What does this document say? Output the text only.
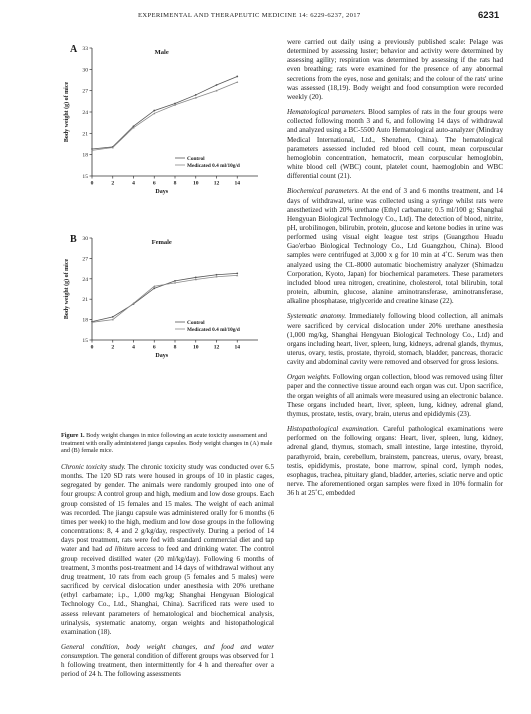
EXPERIMENTAL AND THERAPEUTIC MEDICINE 14: 6229-6237, 2017	6231
A	Male
15
18
21
24
27
30
33
0	2	4	6	8	10	12	14
Days
Body weight (g) of mice
Control
Medicated 0.4 ml/10g/d
B	Female
15
18
21
24
27
30
0	2	4	6	8	10	12	14
Days
Body weight (g) of mice
Control
Medicated 0.4 ml/10g/d
Figure 1. Body weight changes in mice following an acute toxicity assessment and treatment with orally administered jiangu capsules. Body weight changes in (A) male and (B) female mice.

Chronic toxicity study. The chronic toxicity study was conducted over 6.5 months. The 120 SD rats were housed in groups of 10 in plastic cages, segregated by gender. The animals were randomly grouped into one of four groups: A control group and high, medium and low dose groups. Each group consisted of 15 females and 15 males. The weight of each animal was recorded. The jiangu capsule was administered orally for 6 months (6 times per week) to the high, medium and low dose groups in the following concentrations: 8, 4 and 2 g/kg/day, respectively. During a period of 14 days post treatment, rats were fed with standard commercial diet and tap water and had ad libitum access to feed and drinking water. The control group received distilled water (20 ml/kg/day). Following 6 months of treatment, 3 months post-treatment and 14 days of withdrawal without any drug treatment, 10 rats from each group (5 females and 5 males) were sacrificed by cervical dislocation under anesthesia with 20% urethane (ethyl carbamate; i.p., 1,000 mg/kg; Shanghai Hengyuan Biological Technology Co., Ltd., Shanghai, China). Sacrificed rats were used to assess relevant parameters of hematological and biochemical analysis, urinalysis, systematic anatomy, organ weights and histopathological examination (18).

General condition, body weight changes, and food and water consumption. The general condition of different groups was observed for 1 h following treatment, then intermittently for 4 h and thereafter over a period of 24 h. The following assessments

were carried out daily using a previously published scale: Pelage was determined by assessing luster; behavior and activity were determined by assessing agility; respiration was determined by assessing if the rats had even breathing; rats were examined for the presence of any abnormal secretions from the eyes, nose and genitals; and the colour of the rats' urine was assessed (18,19). Body weight and food consumption were recorded weekly (20).

Hematological parameters. Blood samples of rats in the four groups were collected following month 3 and 6, and following 14 days of withdrawal and analyzed using a BC-5500 Auto Hematological auto-analyzer (Mindray Medical International, Ltd., Shenzhen, China). The hematological parameters assessed included red blood cell count, mean corpuscular hemoglobin concentration, hematocrit, mean corpuscular hemoglobin, white blood cell (WBC) count, platelet count, haemoglobin and WBC differential count (21).

Biochemical parameters. At the end of 3 and 6 months treatment, and 14 days of withdrawal, urine was collected using a syringe whilst rats were anesthetized with 20% urethane (Ethyl carbamate; 0.5 ml/100 g; Shanghai Hengyuan Biological Technology Co., Ltd). The detection of blood, nitrite, pH, urobilinogen, bilirubin, protein, glucose and ketone bodies in urine was performed using visual eight league test strips (Guangzhou Huadu Gao'erbao Biological Technology Co., Ltd Guangzhou, China). Blood samples were centrifuged at 3,000 x g for 10 min at 4˚C. Serum was then analyzed using the CL-8000 automatic biochemistry analyzer (Shimadzu Corporation, Kyoto, Japan) for biochemical parameters. These parameters included blood urea nitrogen, creatinine, cholesterol, total bilirubin, total protein, albumin, glucose, alanine aminotransferase, aminotransferase, alkaline phosphatase, triglyceride and creatine kinase (22).

Systematic anatomy. Immediately following blood collection, all animals were sacrificed by cervical dislocation under 20% urethane anesthesia (1,000 mg/kg, Shanghai Hengyuan Biological Technology Co., Ltd) and organs including heart, liver, spleen, lung, kidneys, adrenal glands, thymus, uterus, ovary, testis, prostate, thyroid, stomach, bladder, pancreas, thoracic cavity and abdominal cavity were removed and observed for gross lesions.

Organ weights. Following organ collection, blood was removed using filter paper and the connective tissue around each organ was cut. Upon sacrifice, the organ weights of all animals were measured using an electronic balance. These organs included heart, liver, spleen, lung, kidney, adrenal gland, thymus, prostate, testis, ovary, brain, uterus and epididymis (23).

Histopathological examination. Careful pathological examinations were performed on the following organs: Heart, liver, spleen, lung, kidney, adrenal gland, thymus, stomach, small intestine, large intestine, thyroid, parathyroid, brain, cerebellum, brainstem, pancreas, uterus, ovary, breast, testis, epididymis, prostate, bone marrow, spinal cord, lymph nodes, esophagus, trachea, pituitary gland, bladder, arteries, sciatic nerve and optic nerve. The aforementioned organ samples were fixed in 10% formalin for 36 h at 25˚C, embedded
